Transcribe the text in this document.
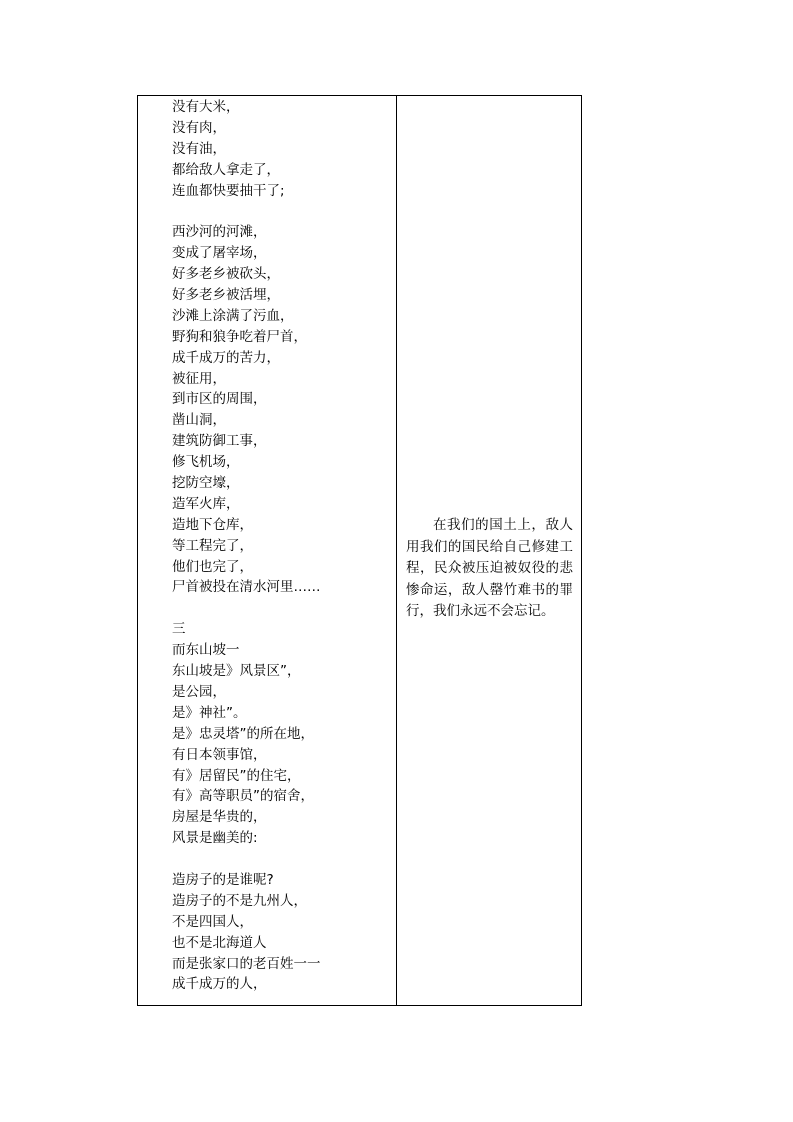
没有大米，
没有肉，
没有油，
都给敌人拿走了，
连血都快要抽干了;
西沙河的河滩，
变成了屠宰场，
好多老乡被砍头，
好多老乡被活埋，
沙滩上涂满了污血，
野狗和狼争吃着尸首，
成千成万的苦力，
被征用，
到市区的周围，
凿山洞，
建筑防御工事，
修飞机场，
挖防空壕，
造军火库，
造地下仓库，
等工程完了，
他们也完了，
尸首被投在清水河里……
三
而东山坡一
东山坡是》风景区”，
是公园，
是》神社”。
是》忠灵塔”的所在地，
有日本领事馆，
有》居留民”的住宅，
有》高等职员”的宿舍，
房屋是华贵的，
风景是幽美的:
造房子的是谁呢?
造房子的不是九州人，
不是四国人，
也不是北海道人
而是张家口的老百姓一一
成千成万的人，

在我们的国土上，敌人用我们的国民给自己修建工程，民众被压迫被奴役的悲惨命运，敌人罄竹难书的罪行，我们永远不会忘记。
